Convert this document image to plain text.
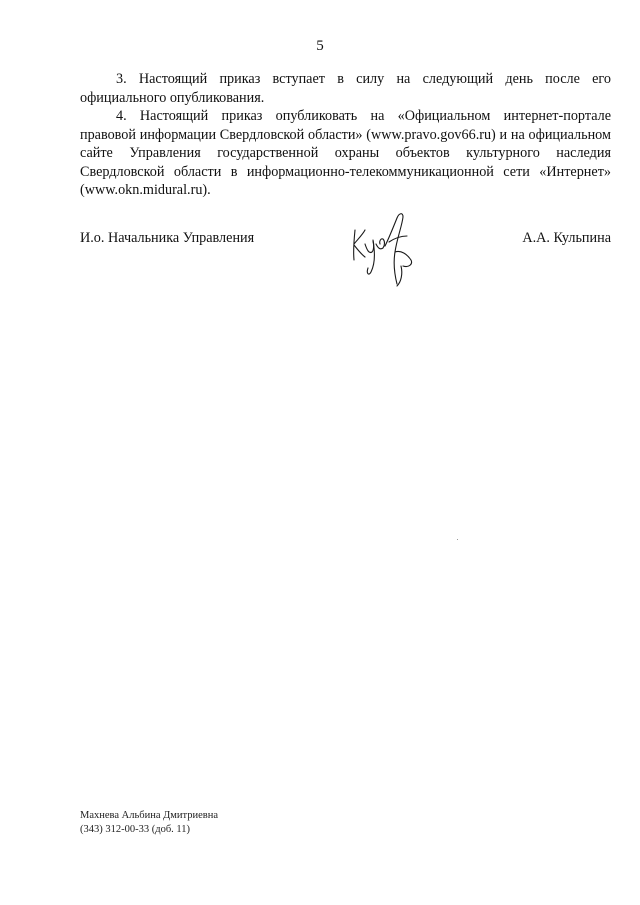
5

3. Настоящий приказ вступает в силу на следующий день после его официального опубликования.

4. Настоящий приказ опубликовать на «Официальном интернет-портале правовой информации Свердловской области» (www.pravo.gov66.ru) и на официальном сайте Управления государственной охраны объектов культурного наследия Свердловской области в информационно-телекоммуникационной сети «Интернет» (www.okn.midural.ru).

И.о. Начальника Управления	А.А. Кульпина
Махнева Альбина Дмитриевна
(343) 312-00-33 (доб. 11)
